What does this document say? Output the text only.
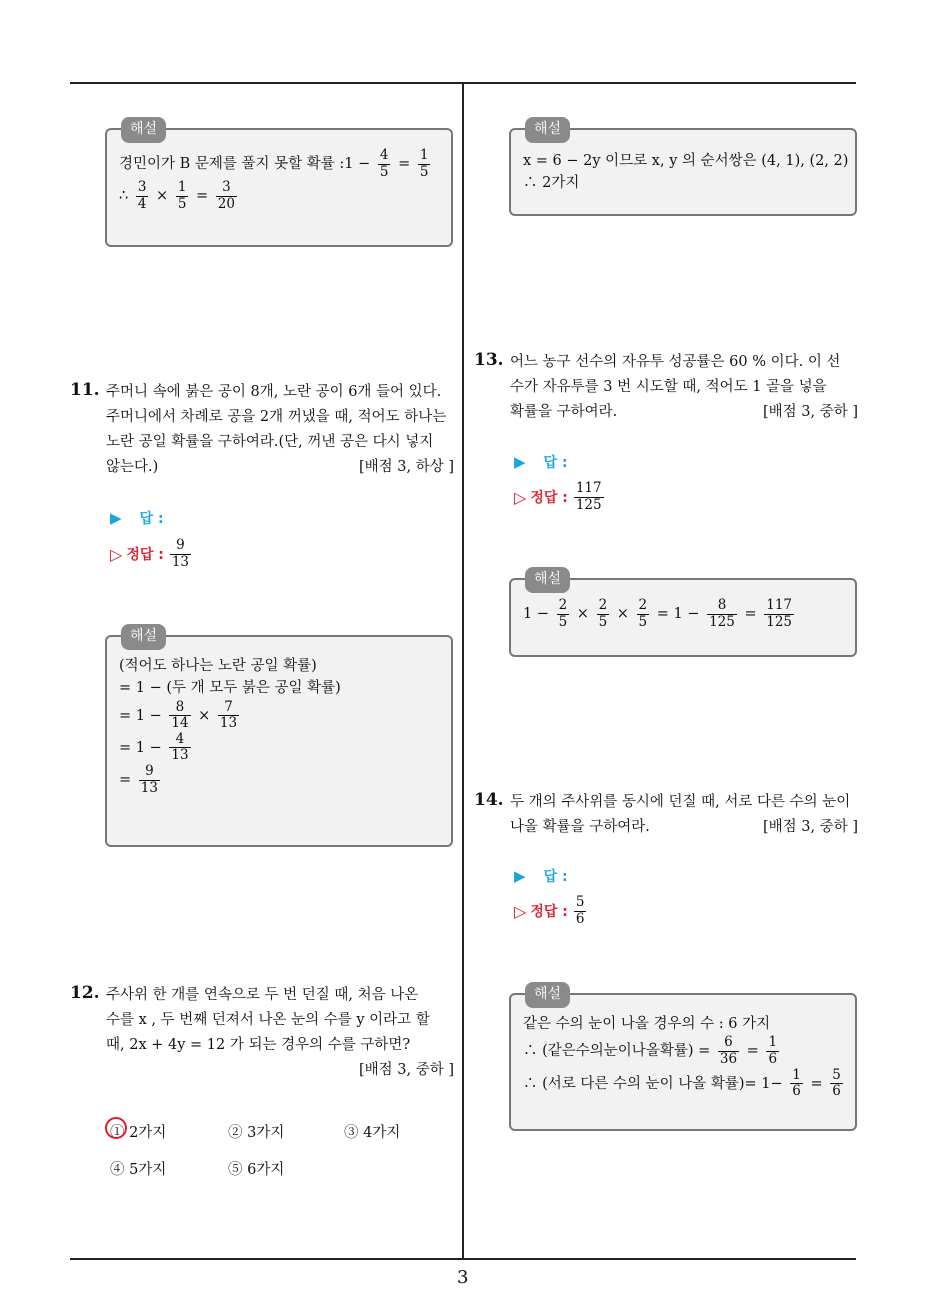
해설
경민이가 B 문제를 풀지 못할 확률 :1 − $\frac{4}{5} = \frac{1}{5}$
∴ $\frac{3}{4} \times \frac{1}{5} = \frac{3}{20}$
해설
x = 6 − 2y 이므로 x, y 의 순서쌍은 (4, 1), (2, 2)
∴ 2가지
11. 주머니 속에 붉은 공이 8개, 노란 공이 6개 들어 있다.
주머니에서 차례로 공을 2개 꺼냈을 때, 적어도 하나는
노란 공일 확률을 구하여라.(단, 꺼낸 공은 다시 넣지
않는다.)	[배점 3, 하상 ]
▶ 답 :
▷ 정답 : $\frac{9}{13}$
해설
(적어도 하나는 노란 공일 확률)
= 1 − (두 개 모두 붉은 공일 확률)
= $1 - \frac{8}{14} \times \frac{7}{13}$
= $1 - \frac{4}{13}$
= $\frac{9}{13}$
12. 주사위 한 개를 연속으로 두 번 던질 때, 처음 나온
수를 x , 두 번째 던져서 나온 눈의 수를 y 이라고 할
때, 2x + 4y = 12 가 되는 경우의 수를 구하면?
[배점 3, 중하 ]
① 2가지	② 3가지	③ 4가지
④ 5가지	⑤ 6가지
13. 어느 농구 선수의 자유투 성공률은 60 % 이다. 이 선
수가 자유투를 3 번 시도할 때, 적어도 1 골을 넣을
확률을 구하여라.	[배점 3, 중하 ]
▶ 답 :
▷ 정답 : $\frac{117}{125}$
해설
$1 - \frac{2}{5} \times \frac{2}{5} \times \frac{2}{5} = 1 - \frac{8}{125} = \frac{117}{125}$
14. 두 개의 주사위를 동시에 던질 때, 서로 다른 수의 눈이
나올 확률을 구하여라.	[배점 3, 중하 ]
▶ 답 :
▷ 정답 : $\frac{5}{6}$
해설
같은 수의 눈이 나올 경우의 수 : 6 가지
∴ (같은수의눈이나올확률) = $\frac{6}{36} = \frac{1}{6}$
∴ (서로 다른 수의 눈이 나올 확률)= $1- \frac{1}{6} = \frac{5}{6}$
3
